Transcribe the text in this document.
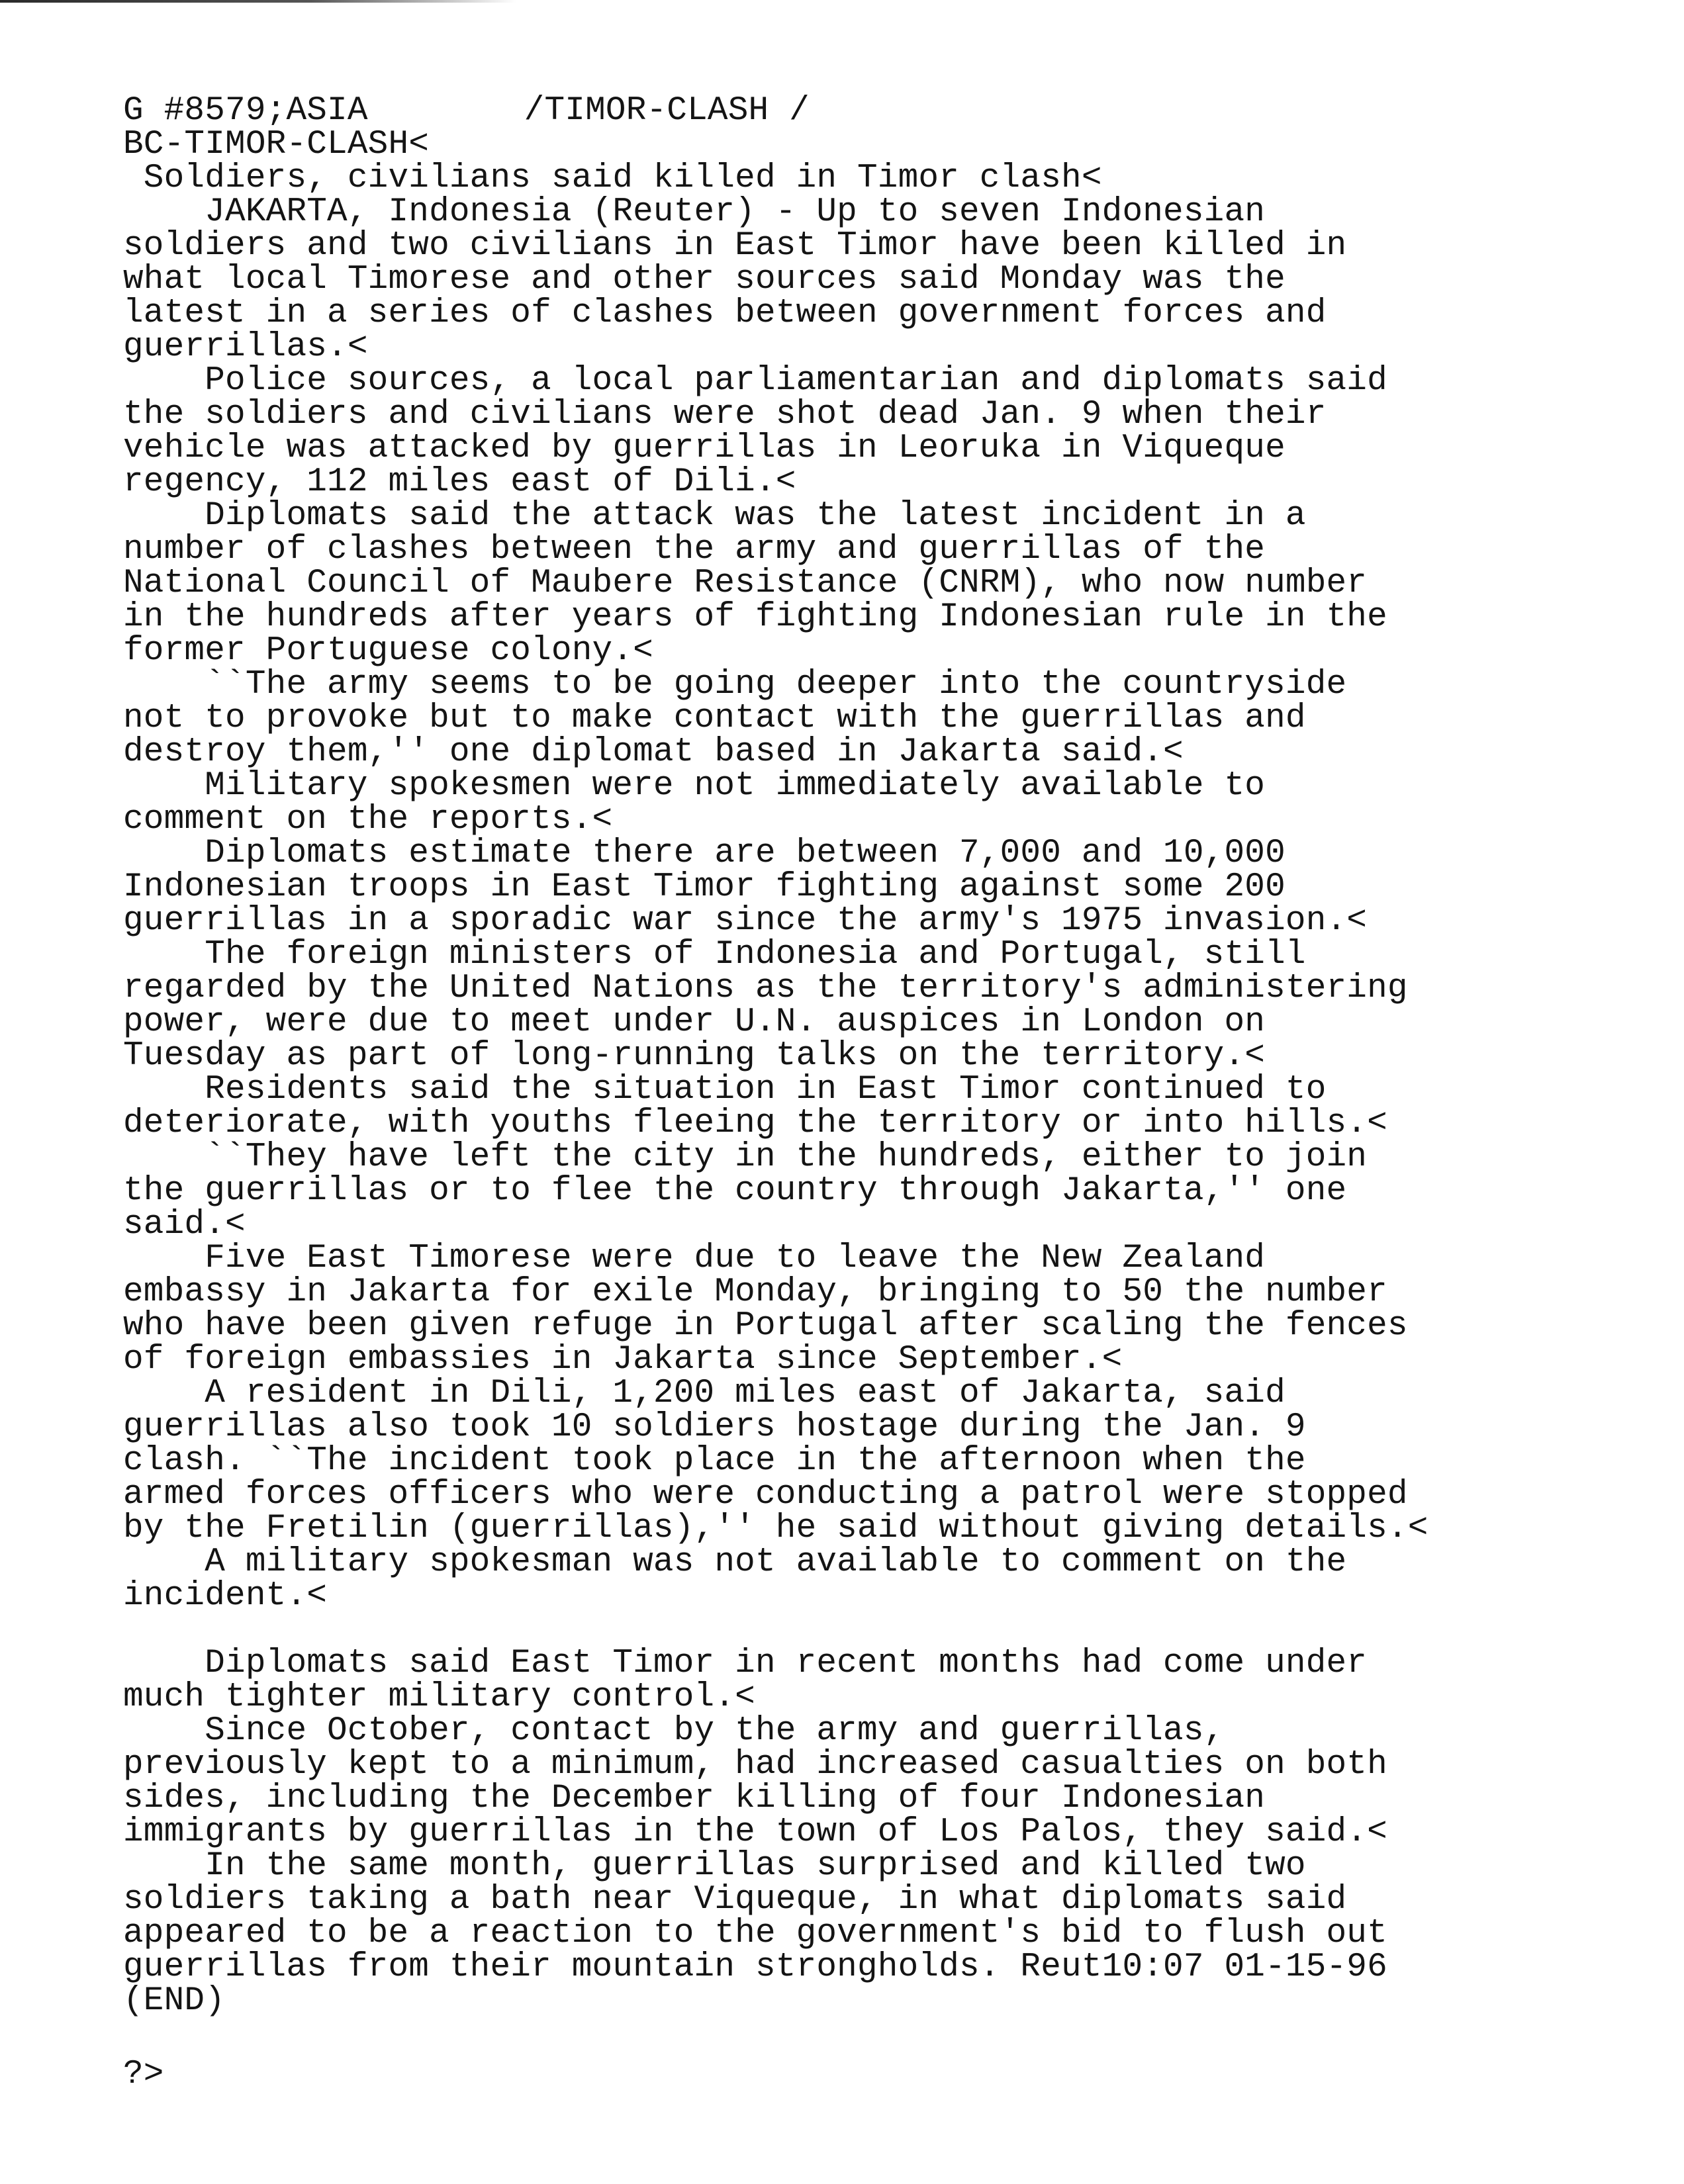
G #8579;ASIA	/TIMOR-CLASH /
BC-TIMOR-CLASH<
Soldiers, civilians said killed in Timor clash<
JAKARTA, Indonesia (Reuter) - Up to seven Indonesian
soldiers and two civilians in East Timor have been killed in
what local Timorese and other sources said Monday was the
latest in a series of clashes between government forces and
guerrillas.<
Police sources, a local parliamentarian and diplomats said
the soldiers and civilians were shot dead Jan. 9 when their
vehicle was attacked by guerrillas in Leoruka in Viqueque
regency, 112 miles east of Dili.<
Diplomats said the attack was the latest incident in a
number of clashes between the army and guerrillas of the
National Council of Maubere Resistance (CNRM), who now number
in the hundreds after years of fighting Indonesian rule in the
former Portuguese colony.<
``The army seems to be going deeper into the countryside
not to provoke but to make contact with the guerrillas and
destroy them,'' one diplomat based in Jakarta said.<
Military spokesmen were not immediately available to
comment on the reports.<
Diplomats estimate there are between 7,000 and 10,000
Indonesian troops in East Timor fighting against some 200
guerrillas in a sporadic war since the army's 1975 invasion.<
The foreign ministers of Indonesia and Portugal, still
regarded by the United Nations as the territory's administering
power, were due to meet under U.N. auspices in London on
Tuesday as part of long-running talks on the territory.<
Residents said the situation in East Timor continued to
deteriorate, with youths fleeing the territory or into hills.<
``They have left the city in the hundreds, either to join
the guerrillas or to flee the country through Jakarta,'' one
said.<
Five East Timorese were due to leave the New Zealand
embassy in Jakarta for exile Monday, bringing to 50 the number
who have been given refuge in Portugal after scaling the fences
of foreign embassies in Jakarta since September.<
A resident in Dili, 1,200 miles east of Jakarta, said
guerrillas also took 10 soldiers hostage during the Jan. 9
clash. ``The incident took place in the afternoon when the
armed forces officers who were conducting a patrol were stopped
by the Fretilin (guerrillas),'' he said without giving details.<
A military spokesman was not available to comment on the
incident.<
Diplomats said East Timor in recent months had come under
much tighter military control.<
Since October, contact by the army and guerrillas,
previously kept to a minimum, had increased casualties on both
sides, including the December killing of four Indonesian
immigrants by guerrillas in the town of Los Palos, they said.<
In the same month, guerrillas surprised and killed two
soldiers taking a bath near Viqueque, in what diplomats said
appeared to be a reaction to the government's bid to flush out
guerrillas from their mountain strongholds. Reut10:07 01-15-96
(END)
?>
